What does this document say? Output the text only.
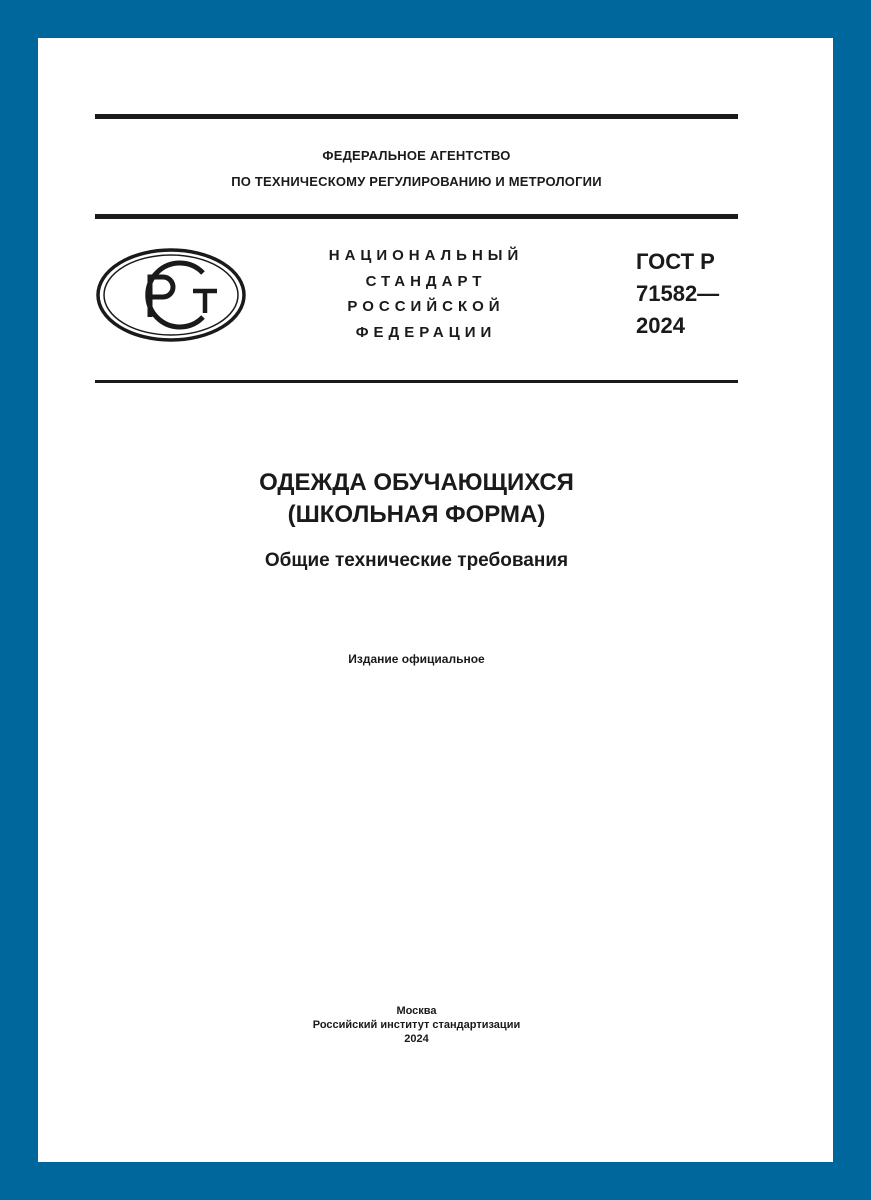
ФЕДЕРАЛЬНОЕ АГЕНТСТВО
ПО ТЕХНИЧЕСКОМУ РЕГУЛИРОВАНИЮ И МЕТРОЛОГИИ
НАЦИОНАЛЬНЫЙ
СТАНДАРТ
РОССИЙСКОЙ
ФЕДЕРАЦИИ
ГОСТ Р
71582—
2024
ОДЕЖДА ОБУЧАЮЩИХСЯ
(ШКОЛЬНАЯ ФОРМА)
Общие технические требования
Издание официальное
Москва
Российский институт стандартизации
2024
